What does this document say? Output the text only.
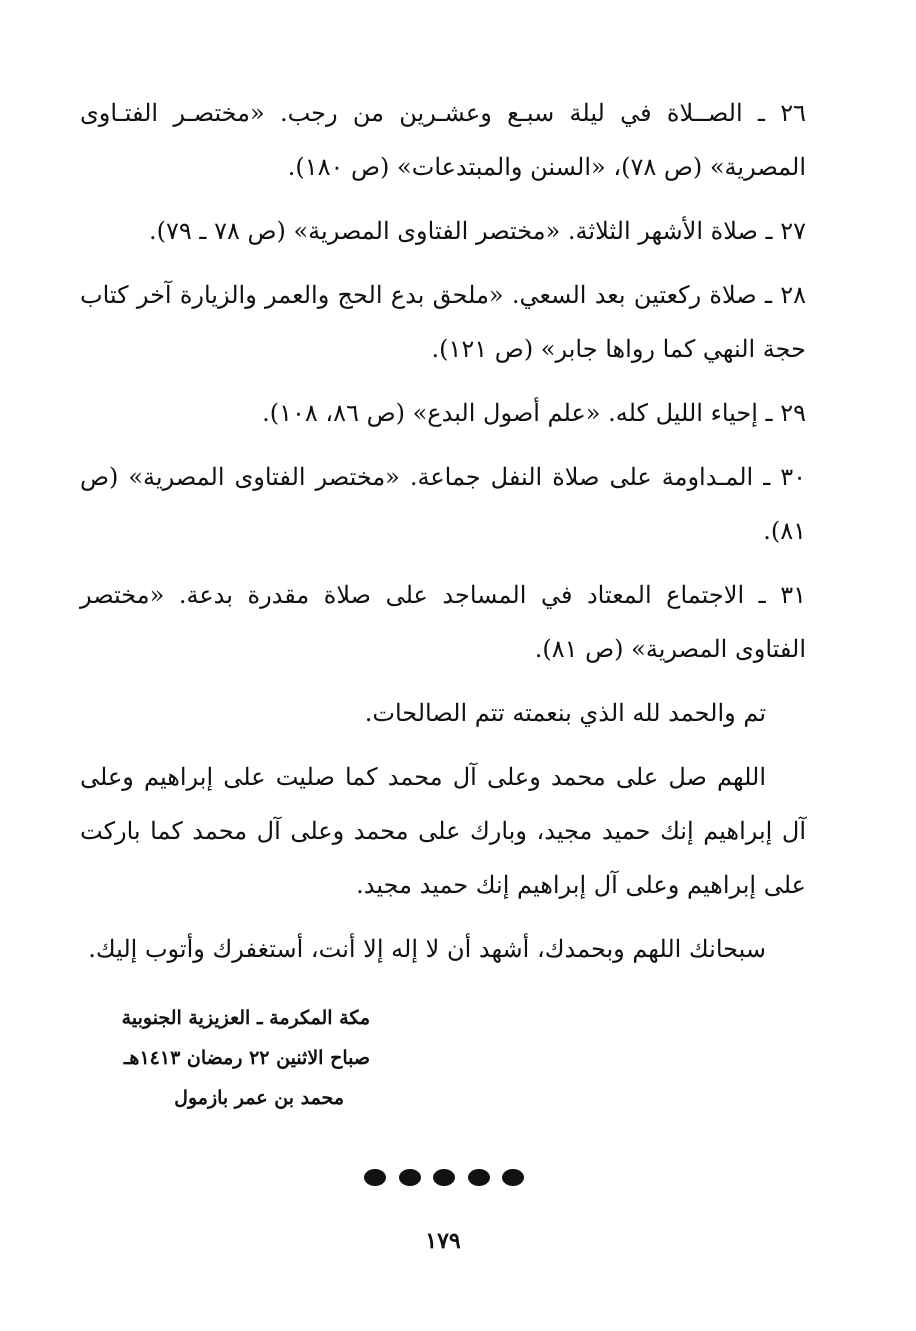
٢٦ ـ الصــلاة في ليلة سبـع وعشـرين من رجب. «مختصـر الفتـاوى المصرية» (ص ٧٨)، «السنن والمبتدعات» (ص ١٨٠).

٢٧ ـ صلاة الأشهر الثلاثة. «مختصر الفتاوى المصرية» (ص ٧٨ ـ ٧٩).

٢٨ ـ صلاة ركعتين بعد السعي. «ملحق بدع الحج والعمر والزيارة آخر كتاب حجة النهي كما رواها جابر» (ص ١٢١).

٢٩ ـ إحياء الليل كله. «علم أصول البدع» (ص ٨٦، ١٠٨).

٣٠ ـ المـداومة على صلاة النفل جماعة. «مختصر الفتاوى المصرية» (ص ٨١).

٣١ ـ الاجتماع المعتاد في المساجد على صلاة مقدرة بدعة. «مختصر الفتاوى المصرية» (ص ٨١).

تم والحمد لله الذي بنعمته تتم الصالحات.

اللهم صل على محمد وعلى آل محمد كما صليت على إبراهيم وعلى آل إبراهيم إنك حميد مجيد، وبارك على محمد وعلى آل محمد كما باركت على إبراهيم وعلى آل إبراهيم إنك حميد مجيد.

سبحانك اللهم وبحمدك، أشهد أن لا إله إلا أنت، أستغفرك وأتوب إليك.

مكة المكرمة ـ العزيزية الجنوبية
صباح الاثنين ٢٢ رمضان ١٤١٣هـ
محمد بن عمر بازمول
١٧٩
